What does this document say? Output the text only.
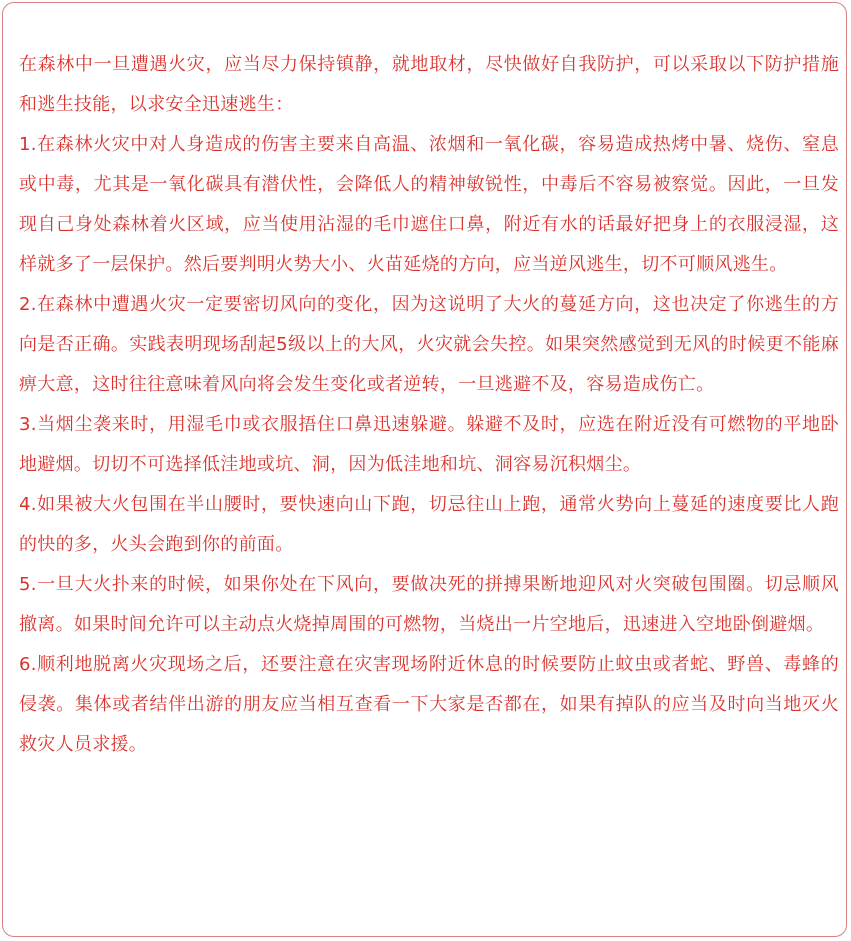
在森林中一旦遭遇火灾，应当尽力保持镇静，就地取材，尽快做好自我防护，可以采取以下防护措施和逃生技能，以求安全迅速逃生：

1.在森林火灾中对人身造成的伤害主要来自高温、浓烟和一氧化碳，容易造成热烤中暑、烧伤、窒息或中毒，尤其是一氧化碳具有潜伏性，会降低人的精神敏锐性，中毒后不容易被察觉。因此，一旦发现自己身处森林着火区域，应当使用沾湿的毛巾遮住口鼻，附近有水的话最好把身上的衣服浸湿，这样就多了一层保护。然后要判明火势大小、火苗延烧的方向，应当逆风逃生，切不可顺风逃生。

2.在森林中遭遇火灾一定要密切风向的变化，因为这说明了大火的蔓延方向，这也决定了你逃生的方向是否正确。实践表明现场刮起5级以上的大风，火灾就会失控。如果突然感觉到无风的时候更不能麻痹大意，这时往往意味着风向将会发生变化或者逆转，一旦逃避不及，容易造成伤亡。

3.当烟尘袭来时，用湿毛巾或衣服捂住口鼻迅速躲避。躲避不及时，应选在附近没有可燃物的平地卧地避烟。切切不可选择低洼地或坑、洞，因为低洼地和坑、洞容易沉积烟尘。

4.如果被大火包围在半山腰时，要快速向山下跑，切忌往山上跑，通常火势向上蔓延的速度要比人跑的快的多，火头会跑到你的前面。

5.一旦大火扑来的时候，如果你处在下风向，要做决死的拼搏果断地迎风对火突破包围圈。切忌顺风撤离。如果时间允许可以主动点火烧掉周围的可燃物，当烧出一片空地后，迅速进入空地卧倒避烟。

6.顺利地脱离火灾现场之后，还要注意在灾害现场附近休息的时候要防止蚊虫或者蛇、野兽、毒蜂的侵袭。集体或者结伴出游的朋友应当相互查看一下大家是否都在，如果有掉队的应当及时向当地灭火救灾人员求援。
